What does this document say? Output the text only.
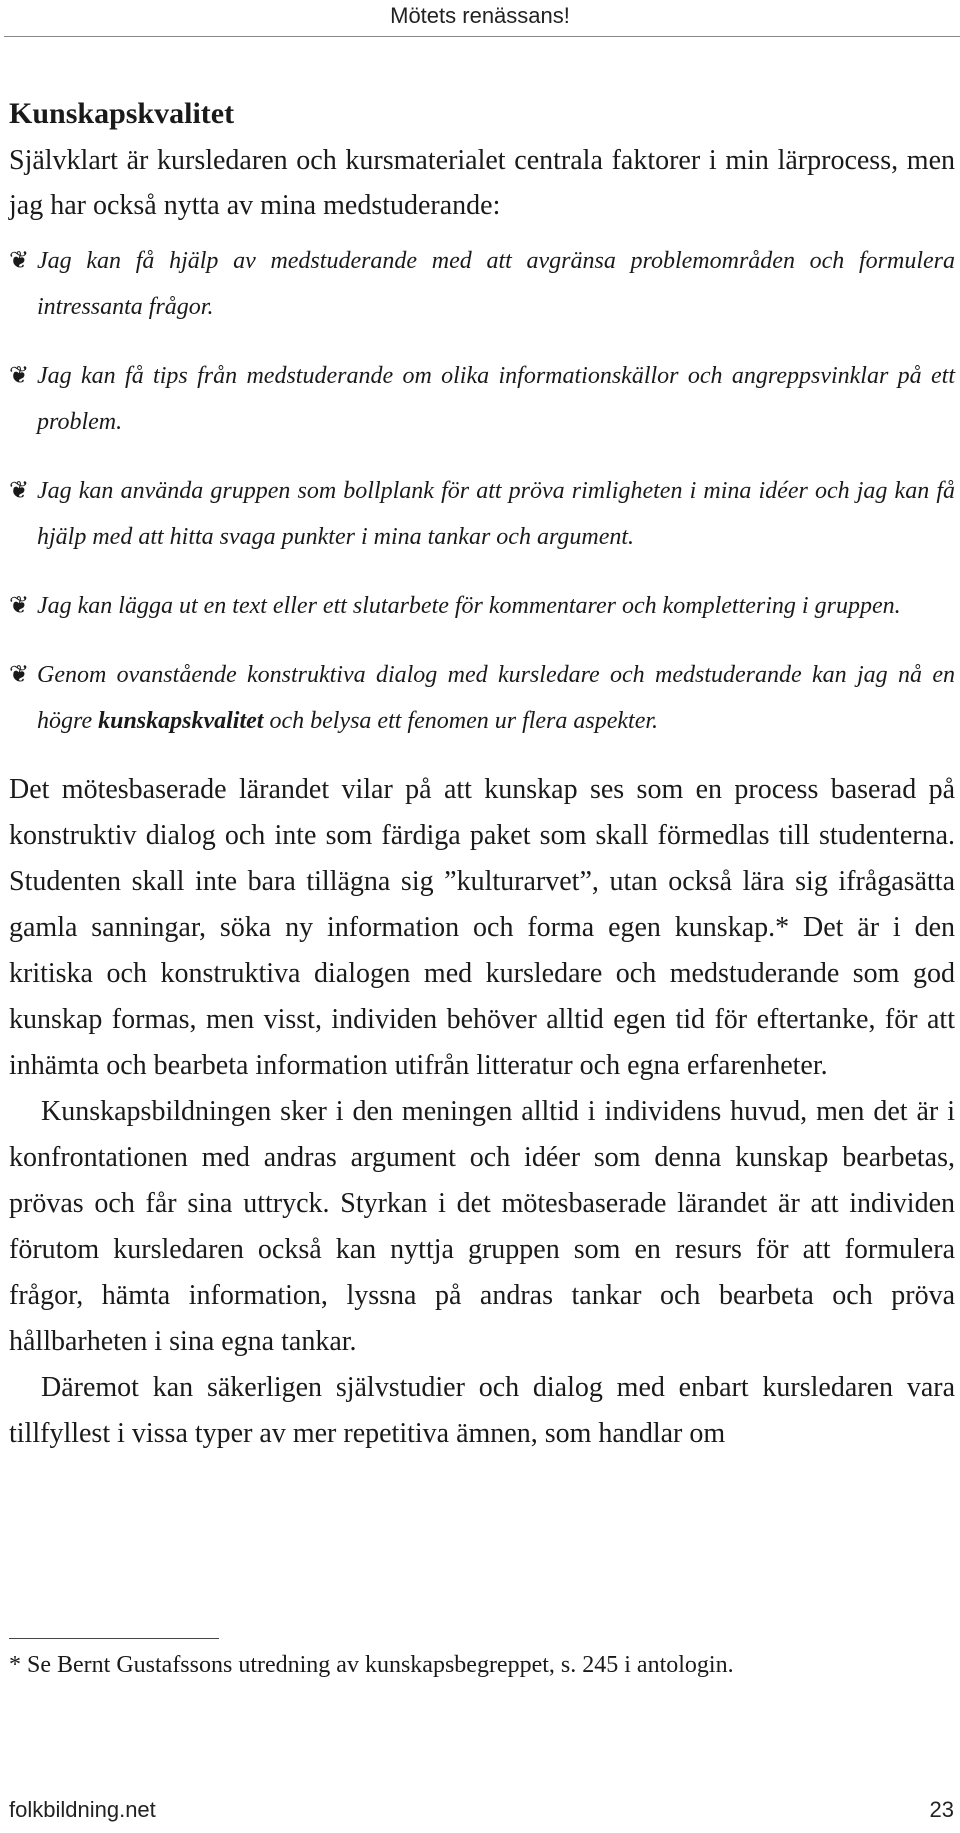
Mötets renässans!
Kunskapskvalitet

Självklart är kursledaren och kursmaterialet centrala faktorer i min lärprocess, men jag har också nytta av mina medstuderande:

❦ Jag kan få hjälp av medstuderande med att avgränsa problemområden och formulera intressanta frågor.
❦ Jag kan få tips från medstuderande om olika informationskällor och angreppsvinklar på ett problem.
❦ Jag kan använda gruppen som bollplank för att pröva rimligheten i mina idéer och jag kan få hjälp med att hitta svaga punkter i mina tankar och argument.
❦ Jag kan lägga ut en text eller ett slutarbete för kommentarer och komplettering i gruppen.
❦ Genom ovanstående konstruktiva dialog med kursledare och medstuderande kan jag nå en högre kunskapskvalitet och belysa ett fenomen ur flera aspekter.

Det mötesbaserade lärandet vilar på att kunskap ses som en process baserad på konstruktiv dialog och inte som färdiga paket som skall förmedlas till studenterna. Studenten skall inte bara tillägna sig ”kulturarvet”, utan också lära sig ifrågasätta gamla sanningar, söka ny information och forma egen kunskap.* Det är i den kritiska och konstruktiva dialogen med kursledare och medstuderande som god kunskap formas, men visst, individen behöver alltid egen tid för eftertanke, för att inhämta och bearbeta information utifrån litteratur och egna erfarenheter.

Kunskapsbildningen sker i den meningen alltid i individens huvud, men det är i konfrontationen med andras argument och idéer som denna kunskap bearbetas, prövas och får sina uttryck. Styrkan i det mötesbaserade lärandet är att individen förutom kursledaren också kan nyttja gruppen som en resurs för att formulera frågor, hämta information, lyssna på andras tankar och bearbeta och pröva hållbarheten i sina egna tankar.

Däremot kan säkerligen självstudier och dialog med enbart kursledaren vara tillfyllest i vissa typer av mer repetitiva ämnen, som handlar om

* Se Bernt Gustafssons utredning av kunskapsbegreppet, s. 245 i antologin.
folkbildning.net	23
